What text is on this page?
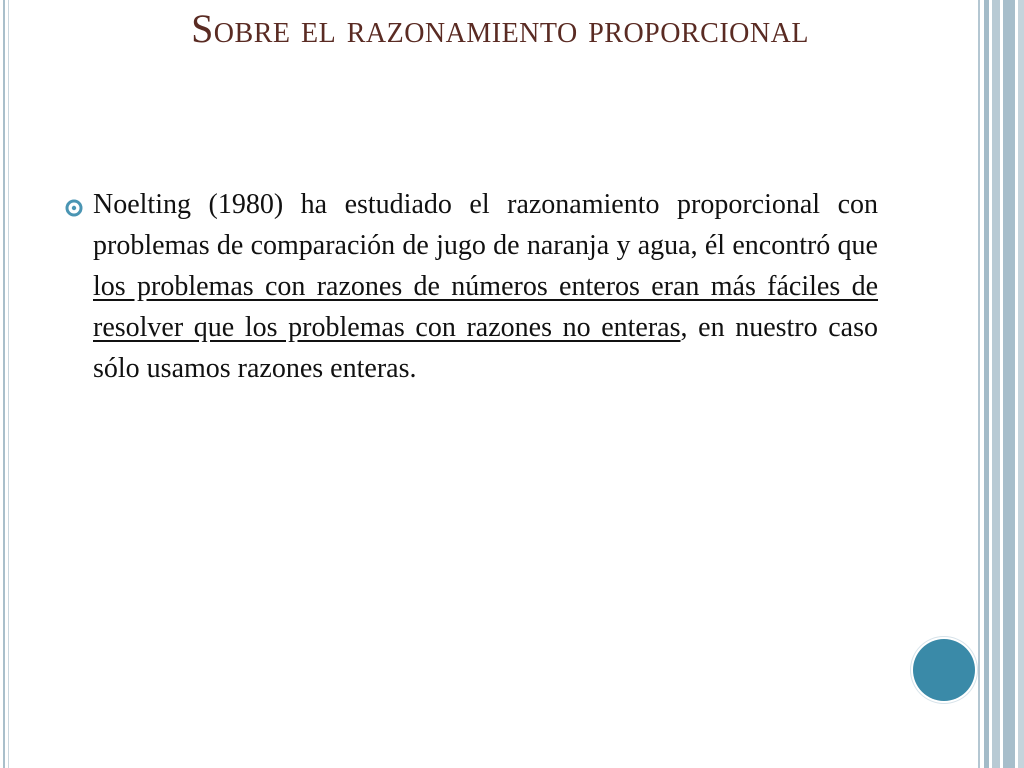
Sobre el razonamiento proporcional

Noelting (1980) ha estudiado el razonamiento proporcional con problemas de comparación de jugo de naranja y agua, él encontró que los problemas con razones de números enteros eran más fáciles de resolver que los problemas con razones no enteras, en nuestro caso sólo usamos razones enteras.
